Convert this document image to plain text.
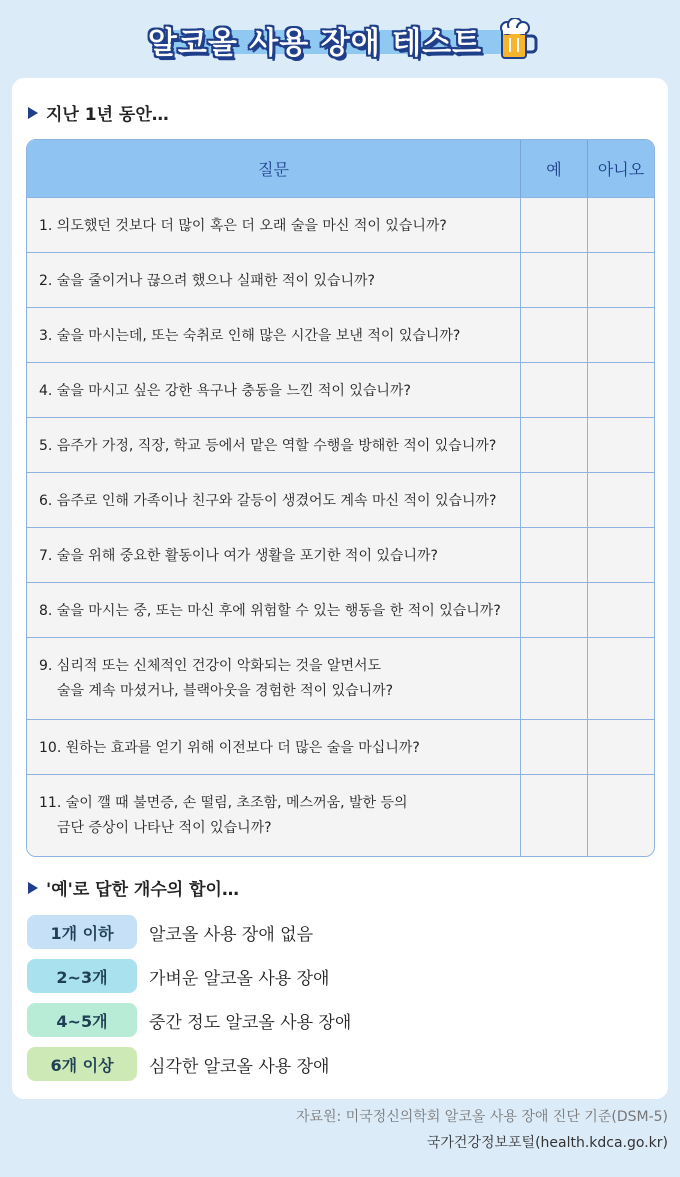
알코올 사용 장애 테스트
지난 1년 동안…
질문	예	아니오
1. 의도했던 것보다 더 많이 혹은 더 오래 술을 마신 적이 있습니까?		
2. 술을 줄이거나 끊으려 했으나 실패한 적이 있습니까?		
3. 술을 마시는데, 또는 숙취로 인해 많은 시간을 보낸 적이 있습니까?		
4. 술을 마시고 싶은 강한 욕구나 충동을 느낀 적이 있습니까?		
5. 음주가 가정, 직장, 학교 등에서 맡은 역할 수행을 방해한 적이 있습니까?		
6. 음주로 인해 가족이나 친구와 갈등이 생겼어도 계속 마신 적이 있습니까?		
7. 술을 위해 중요한 활동이나 여가 생활을 포기한 적이 있습니까?		
8. 술을 마시는 중, 또는 마신 후에 위험할 수 있는 행동을 한 적이 있습니까?		
9. 심리적 또는 신체적인 건강이 악화되는 것을 알면서도
술을 계속 마셨거나, 블랙아웃을 경험한 적이 있습니까?		

10. 원하는 효과를 얻기 위해 이전보다 더 많은 술을 마십니까?		
11. 술이 깰 때 불면증, 손 떨림, 초조함, 메스꺼움, 발한 등의
금단 증상이 나타난 적이 있습니까?		

'예'로 답한 개수의 합이…
1개 이하	알코올 사용 장애 없음
2~3개	가벼운 알코올 사용 장애
4~5개	중간 정도 알코올 사용 장애
6개 이상	심각한 알코올 사용 장애
자료원: 미국정신의학회 알코올 사용 장애 진단 기준(DSM-5)
국가건강정보포털(health.kdca.go.kr)
